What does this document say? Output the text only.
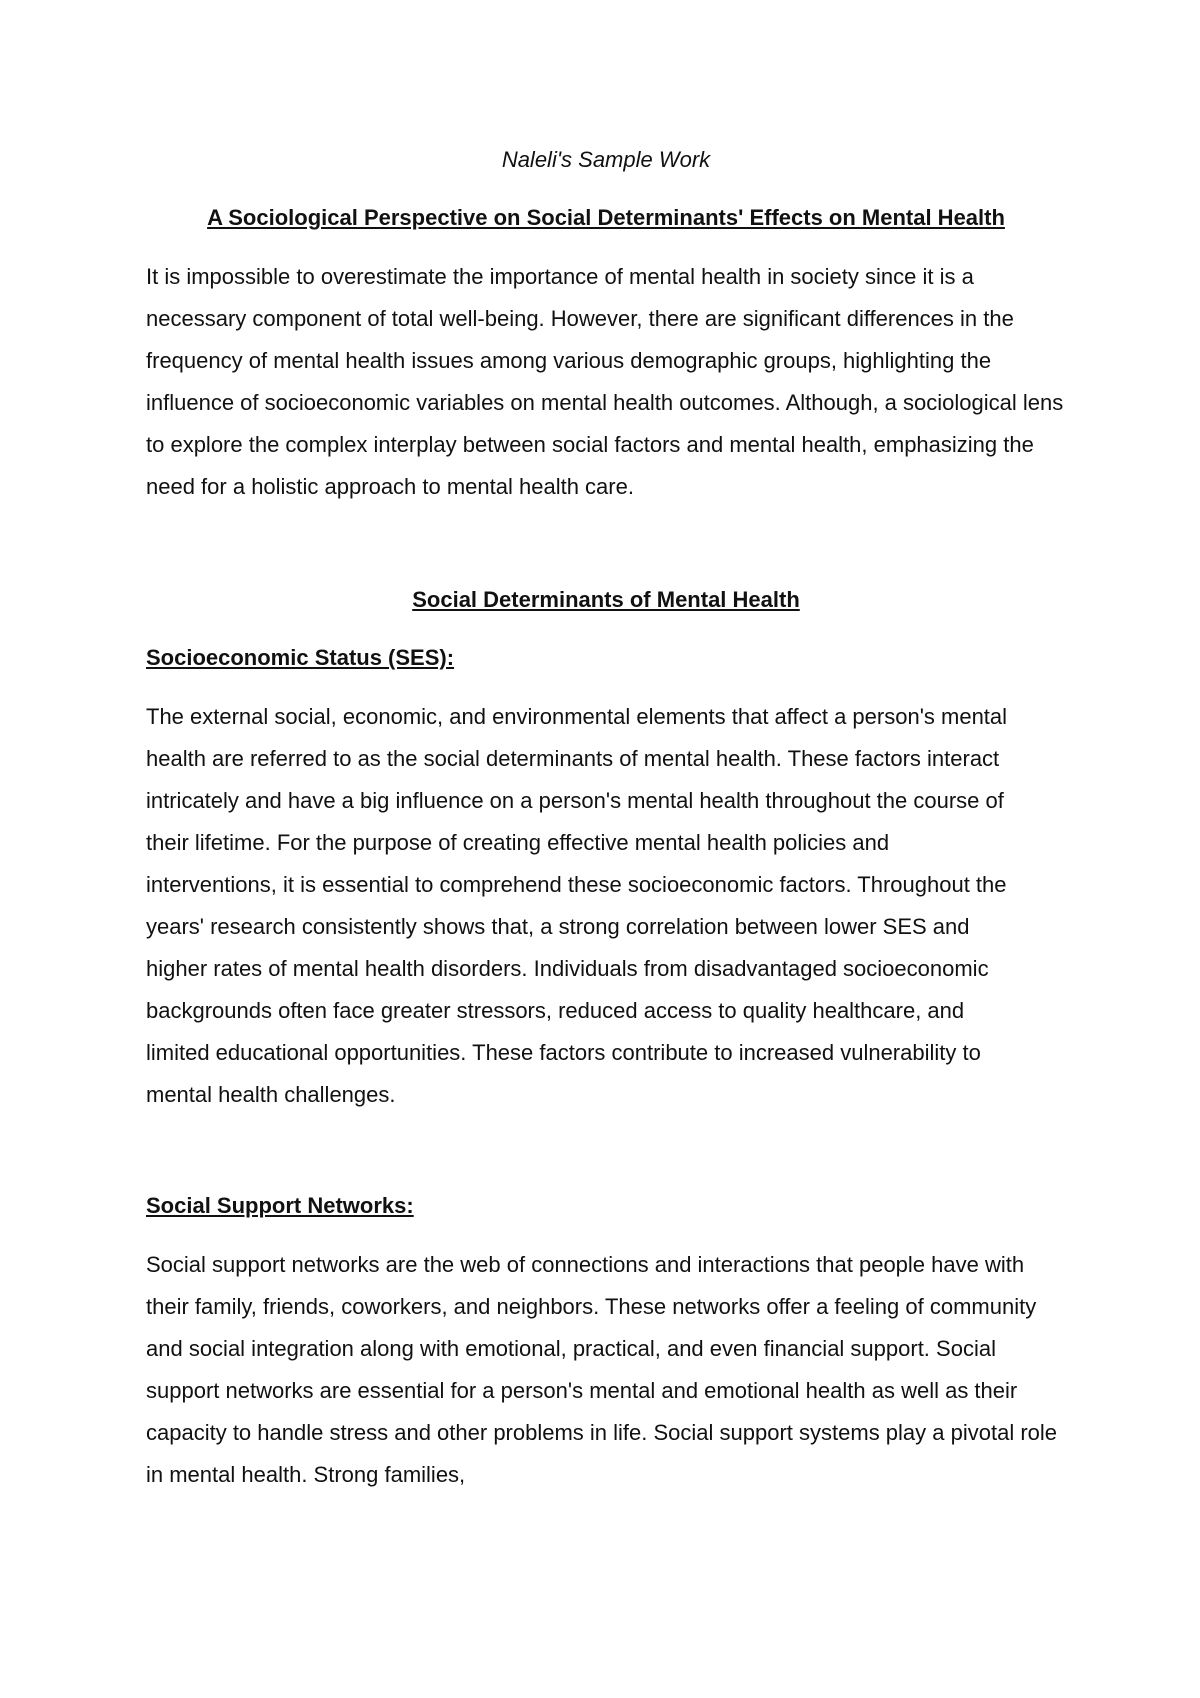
Naleli's Sample Work

A Sociological Perspective on Social Determinants' Effects on Mental Health

It is impossible to overestimate the importance of mental health in society since it is a necessary component of total well-being. However, there are significant differences in the frequency of mental health issues among various demographic groups, highlighting the influence of socioeconomic variables on mental health outcomes. Although, a sociological lens to explore the complex interplay between social factors and mental health, emphasizing the need for a holistic approach to mental health care.

Social Determinants of Mental Health

Socioeconomic Status (SES):

The external social, economic, and environmental elements that affect a person's mental health are referred to as the social determinants of mental health. These factors interact intricately and have a big influence on a person's mental health throughout the course of their lifetime. For the purpose of creating effective mental health policies and interventions, it is essential to comprehend these socioeconomic factors. Throughout the years' research consistently shows that, a strong correlation between lower SES and higher rates of mental health disorders. Individuals from disadvantaged socioeconomic backgrounds often face greater stressors, reduced access to quality healthcare, and limited educational opportunities. These factors contribute to increased vulnerability to mental health challenges.

Social Support Networks:

Social support networks are the web of connections and interactions that people have with their family, friends, coworkers, and neighbors. These networks offer a feeling of community and social integration along with emotional, practical, and even financial support. Social support networks are essential for a person's mental and emotional health as well as their capacity to handle stress and other problems in life. Social support systems play a pivotal role in mental health. Strong families,
